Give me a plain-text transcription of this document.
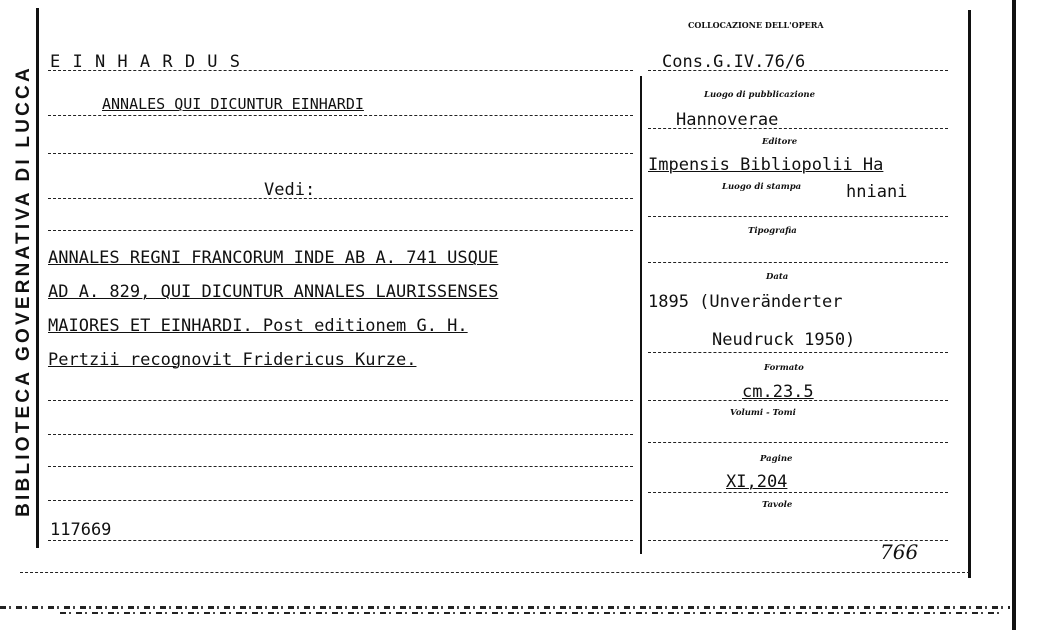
BIBLIOTECA GOVERNATIVA DI LUCCA
COLLOCAZIONE DELL'OPERA
E I N H A R D U S	Cons.G.IV.76/6
ANNALES QUI DICUNTUR EINHARDI
Vedi:
ANNALES REGNI FRANCORUM INDE AB A. 741 USQUE
AD A. 829, QUI DICUNTUR ANNALES LAURISSENSES
MAIORES ET EINHARDI. Post editionem G. H.
Pertzii recognovit Fridericus Kurze.
117669
Luogo di pubblicazione
Hannoverae
Editore
Impensis Bibliopolii Ha
Luogo di stampa	hniani
Tipografia
Data
1895 (Unveränderter
Neudruck 1950)
Formato
cm.23.5
Volumi - Tomi
Pagine
XI,204
Tavole
766
